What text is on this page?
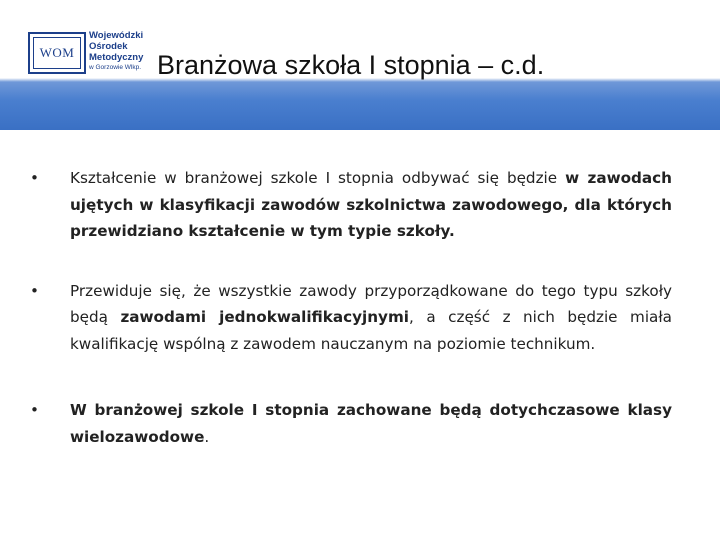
WOM
Wojewódzki
Ośrodek
Metodyczny
w Gorzowie Wlkp. Branżowa szkoła I stopnia – c.d.
• Kształcenie w branżowej szkole I stopnia odbywać się będzie w zawodach ujętych w klasyfikacji zawodów szkolnictwa zawodowego, dla których przewidziano kształcenie w tym typie szkoły.
• Przewiduje się, że wszystkie zawody przyporządkowane do tego typu szkoły będą zawodami jednokwalifikacyjnymi, a część z nich będzie miała kwalifikację wspólną z zawodem nauczanym na poziomie technikum.
• W branżowej szkole I stopnia zachowane będą dotychczasowe klasy wielozawodowe.
